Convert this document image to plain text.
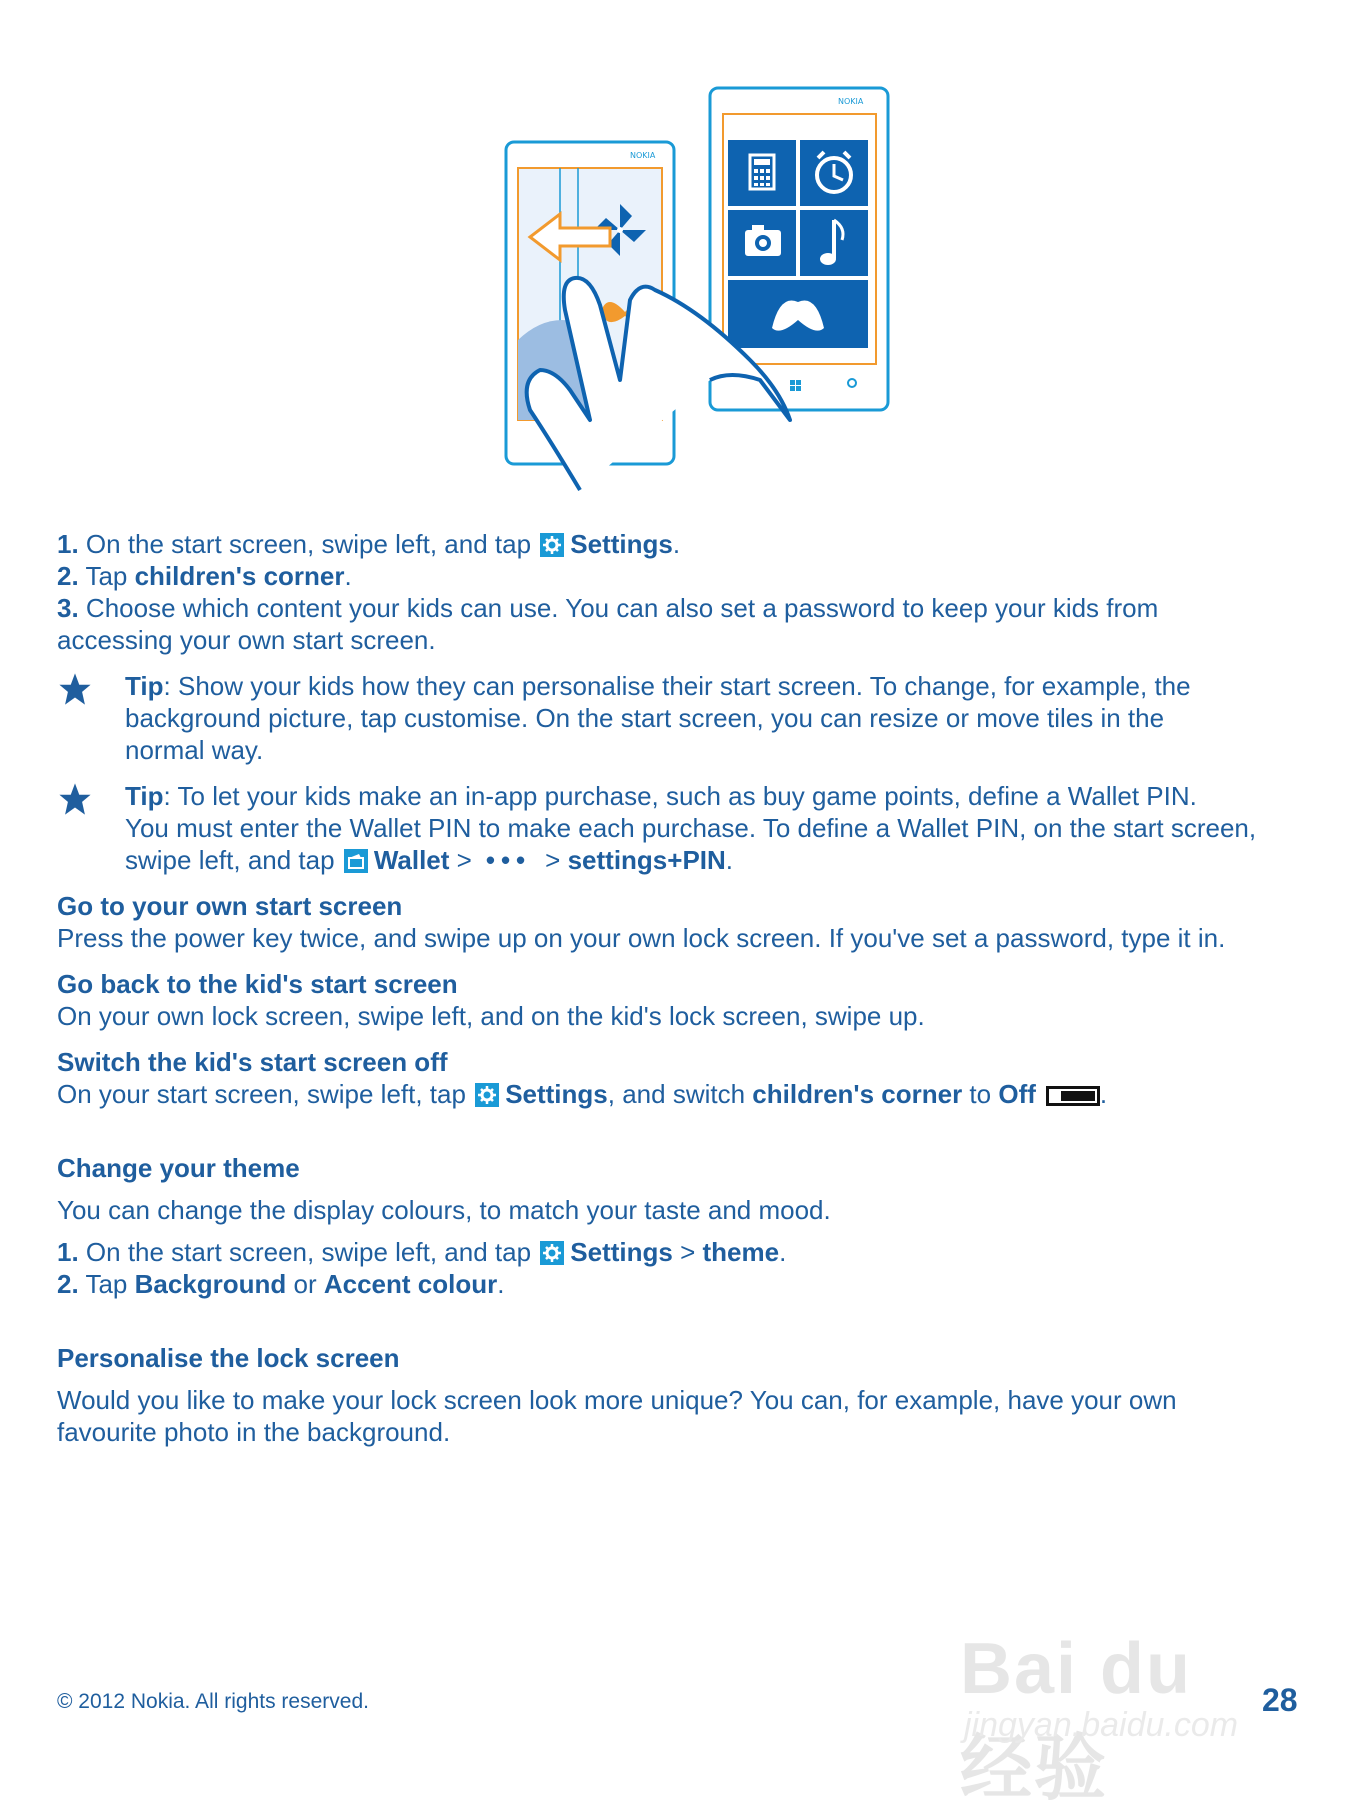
NOKIA
NOKIA

1. On the start screen, swipe left, and tap
Settings.

2. Tap children's corner.

3. Choose which content your kids can use. You can also set a password to keep your kids from

accessing your own start screen.

Tip: Show your kids how they can personalise their start screen. To change, for example, the

background picture, tap customise. On the start screen, you can resize or move tiles in the

normal way.

Tip: To let your kids make an in-app purchase, such as buy game points, define a Wallet PIN.

You must enter the Wallet PIN to make each purchase. To define a Wallet PIN, on the start screen,

swipe left, and tap
Wallet > ••• > settings+PIN.

Go to your own start screen

Press the power key twice, and swipe up on your own lock screen. If you've set a password, type it in.

Go back to the kid's start screen

On your own lock screen, swipe left, and on the kid's lock screen, swipe up.

Switch the kid's start screen off

On your start screen, swipe left, tap
Settings, and switch children's corner to Off .

Change your theme

You can change the display colours, to match your taste and mood.

1. On the start screen, swipe left, and tap
Settings > theme.

2. Tap Background or Accent colour.

Personalise the lock screen

Would you like to make your lock screen look more unique? You can, for example, have your own

favourite photo in the background.

Bai du 经验
jingyan.baidu.com
© 2012 Nokia. All rights reserved.	28
